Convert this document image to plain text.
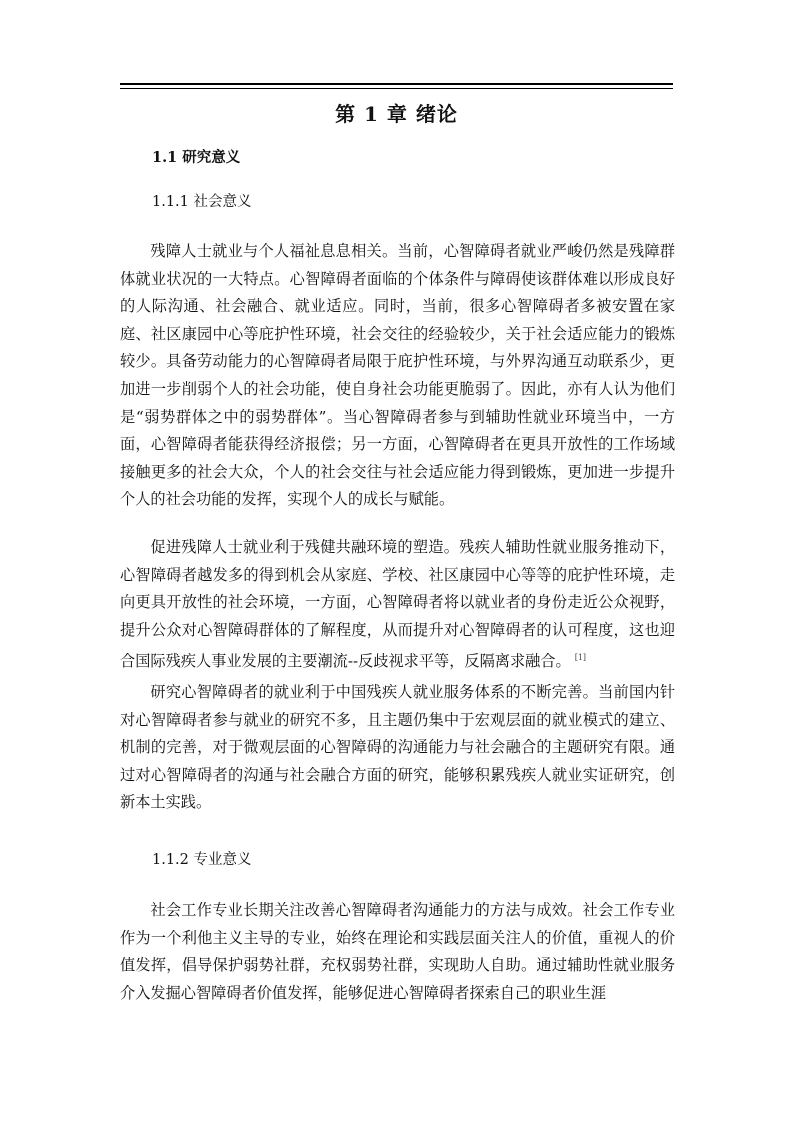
第 1 章 绪论
1.1 研究意义
1.1.1 社会意义

残障人士就业与个人福祉息息相关。当前，心智障碍者就业严峻仍然是残障群体就业状况的一大特点。心智障碍者面临的个体条件与障碍使该群体难以形成良好的人际沟通、社会融合、就业适应。同时，当前，很多心智障碍者多被安置在家庭、社区康园中心等庇护性环境，社会交往的经验较少，关于社会适应能力的锻炼较少。具备劳动能力的心智障碍者局限于庇护性环境，与外界沟通互动联系少，更加进一步削弱个人的社会功能，使自身社会功能更脆弱了。因此，亦有人认为他们是“弱势群体之中的弱势群体”。当心智障碍者参与到辅助性就业环境当中，一方面，心智障碍者能获得经济报偿；另一方面，心智障碍者在更具开放性的工作场域接触更多的社会大众，个人的社会交往与社会适应能力得到锻炼，更加进一步提升个人的社会功能的发挥，实现个人的成长与赋能。

促进残障人士就业利于残健共融环境的塑造。残疾人辅助性就业服务推动下，心智障碍者越发多的得到机会从家庭、学校、社区康园中心等等的庇护性环境，走向更具开放性的社会环境，一方面，心智障碍者将以就业者的身份走近公众视野，提升公众对心智障碍群体的了解程度，从而提升对心智障碍者的认可程度，这也迎合国际残疾人事业发展的主要潮流--反歧视求平等，反隔离求融合。 [1]

研究心智障碍者的就业利于中国残疾人就业服务体系的不断完善。当前国内针对心智障碍者参与就业的研究不多，且主题仍集中于宏观层面的就业模式的建立、机制的完善，对于微观层面的心智障碍的沟通能力与社会融合的主题研究有限。通过对心智障碍者的沟通与社会融合方面的研究，能够积累残疾人就业实证研究，创新本土实践。

1.1.2 专业意义

社会工作专业长期关注改善心智障碍者沟通能力的方法与成效。社会工作专业作为一个利他主义主导的专业，始终在理论和实践层面关注人的价值，重视人的价值发挥，倡导保护弱势社群，充权弱势社群，实现助人自助。通过辅助性就业服务介入发掘心智障碍者价值发挥，能够促进心智障碍者探索自己的职业生涯
